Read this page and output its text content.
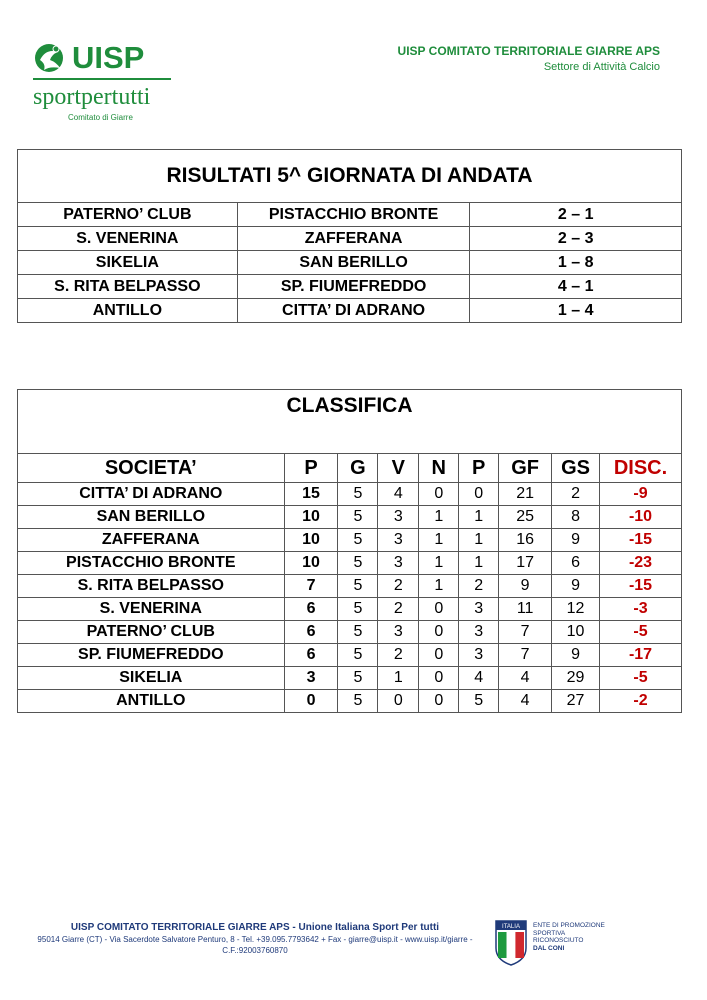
UISP
sportpertutti
Comitato di Giarre
UISP COMITATO TERRITORIALE GIARRE APS
Settore di Attività Calcio
RISULTATI 5^ GIORNATA DI ANDATA		
PATERNO’ CLUB	PISTACCHIO BRONTE	2 – 1
S. VENERINA	ZAFFERANA	2 – 3
SIKELIA	SAN BERILLO	1 – 8
S. RITA BELPASSO	SP. FIUMEFREDDO	4 – 1
ANTILLO	CITTA’ DI ADRANO	1 – 4
CLASSIFICA								
SOCIETA’	P	G	V	N	P	GF	GS	DISC.
CITTA’ DI ADRANO	15	5	4	0	0	21	2	-9
SAN BERILLO	10	5	3	1	1	25	8	-10
ZAFFERANA	10	5	3	1	1	16	9	-15
PISTACCHIO BRONTE	10	5	3	1	1	17	6	-23
S. RITA BELPASSO	7	5	2	1	2	9	9	-15
S. VENERINA	6	5	2	0	3	11	12	-3
PATERNO’ CLUB	6	5	3	0	3	7	10	-5
SP. FIUMEFREDDO	6	5	2	0	3	7	9	-17
SIKELIA	3	5	1	0	4	4	29	-5
ANTILLO	0	5	0	0	5	4	27	-2
UISP COMITATO TERRITORIALE GIARRE APS - Unione Italiana Sport Per tutti
95014 Giarre (CT) - Via Sacerdote Salvatore Penturo, 8 - Tel. +39.095.7793642 + Fax - giarre@uisp.it - www.uisp.it/giarre -
C.F.:92003760870
ITALIA ENTE DI PROMOZIONE
SPORTIVA
RICONOSCIUTO
DAL CONI
